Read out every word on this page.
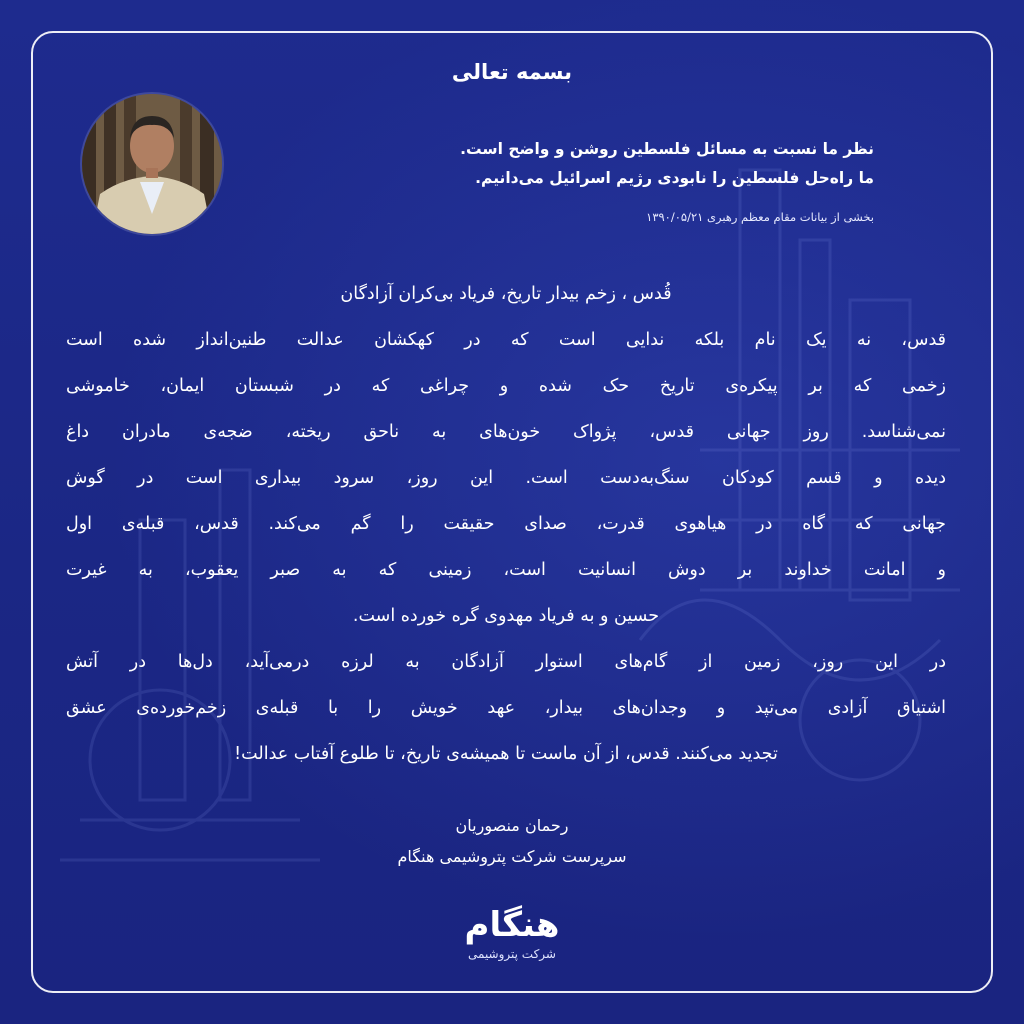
بسمه تعالی
نظر ما نسبت به مسائل فلسطین روشن و واضح است.
ما راه‌حل فلسطین را نابودی رژیم اسرائیل می‌دانیم.
بخشی از بیانات مقام معظم رهبری ۱۳۹۰/۰۵/۲۱
قُدس ، زخم بیدار تاریخ، فریاد بی‌کران آزادگان
قدس، نه یک نام بلکه ندایی است که در کهکشان عدالت طنین‌انداز شده است
زخمی که بر پیکره‌ی تاریخ حک شده و چراغی که در شبستان ایمان، خاموشی
نمی‌شناسد. روز جهانی قدس، پژواک خون‌های به ناحق ریخته، ضجه‌ی مادران داغ
دیده و قسم کودکان سنگ‌به‌دست است. این روز، سرود بیداری است در گوش
جهانی که گاه در هیاهوی قدرت، صدای حقیقت را گم می‌کند. قدس، قبله‌ی اول
و امانت خداوند بر دوش انسانیت است، زمینی که به صبر یعقوب، به غیرت
حسین و به فریاد مهدوی گره خورده است.
در این روز، زمین از گام‌های استوار آزادگان به لرزه درمی‌آید، دل‌ها در آتش
اشتیاق آزادی می‌تپد و وجدان‌های بیدار، عهد خویش را با قبله‌ی زخم‌خورده‌ی عشق
تجدید می‌کنند. قدس، از آن ماست تا همیشه‌ی تاریخ، تا طلوع آفتاب عدالت!
رحمان منصوریان
سرپرست شرکت پتروشیمی هنگام
هنگام
شرکت پتروشیمی
